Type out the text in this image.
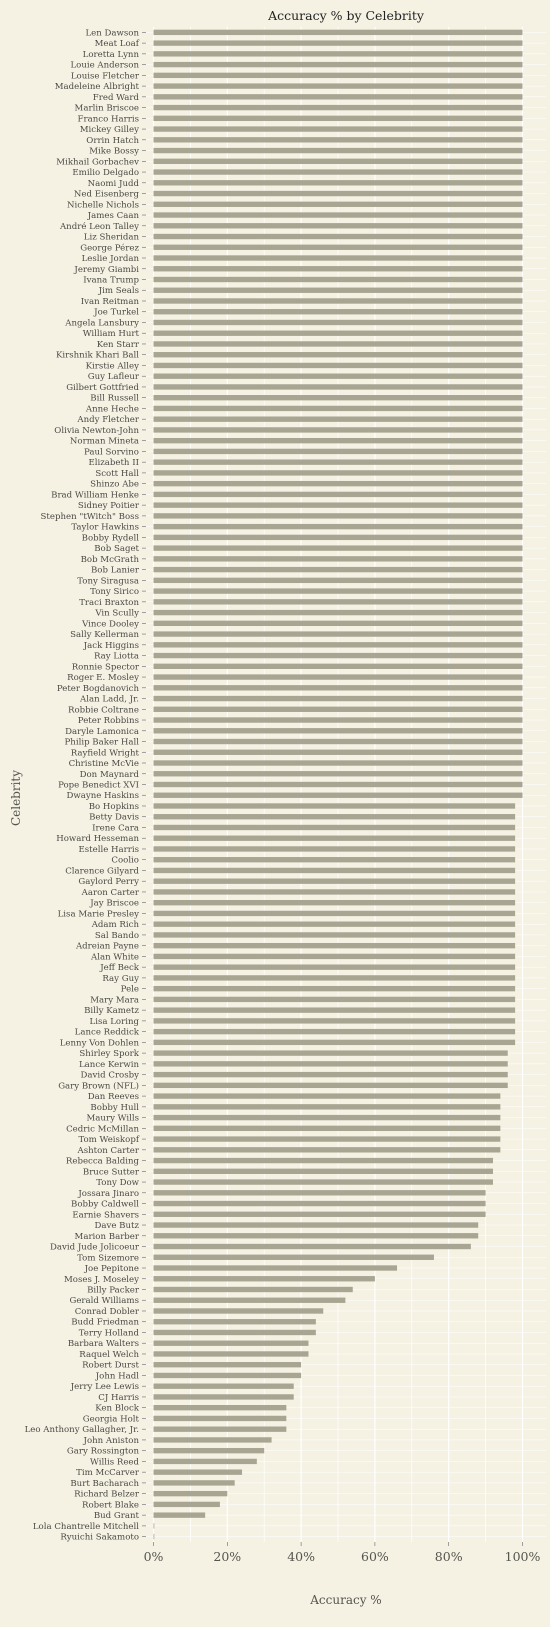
Accuracy % by Celebrity
Len Dawson
Meat Loaf
Loretta Lynn
Louie Anderson
Louise Fletcher
Madeleine Albright
Fred Ward
Marlin Briscoe
Franco Harris
Mickey Gilley
Orrin Hatch
Mike Bossy
Mikhail Gorbachev
Emilio Delgado
Naomi Judd
Ned Eisenberg
Nichelle Nichols
James Caan
André Leon Talley
Liz Sheridan
George Pérez
Leslie Jordan
Jeremy Giambi
Ivana Trump
Jim Seals
Ivan Reitman
Joe Turkel
Angela Lansbury
William Hurt
Ken Starr
Kirshnik Khari Ball
Kirstie Alley
Guy Lafleur
Gilbert Gottfried
Bill Russell
Anne Heche
Andy Fletcher
Olivia Newton-John
Norman Mineta
Paul Sorvino
Elizabeth II
Scott Hall
Shinzo Abe
Brad William Henke
Sidney Poitier
Stephen "tWitch" Boss
Taylor Hawkins
Bobby Rydell
Bob Saget
Bob McGrath
Bob Lanier
Tony Siragusa
Tony Sirico
Traci Braxton
Vin Scully
Vince Dooley
Sally Kellerman
Jack Higgins
Ray Liotta
Ronnie Spector
Roger E. Mosley
Peter Bogdanovich
Alan Ladd, Jr.
Robbie Coltrane
Peter Robbins
Daryle Lamonica
Philip Baker Hall
Rayfield Wright
Christine McVie
Don Maynard
Pope Benedict XVI
Dwayne Haskins
Bo Hopkins
Betty Davis
Irene Cara
Howard Hesseman
Estelle Harris
Coolio
Clarence Gilyard
Gaylord Perry
Aaron Carter
Jay Briscoe
Lisa Marie Presley
Adam Rich
Sal Bando
Adreian Payne
Alan White
Jeff Beck
Ray Guy
Pele
Mary Mara
Billy Kametz
Lisa Loring
Lance Reddick
Lenny Von Dohlen
Shirley Spork
Lance Kerwin
David Crosby
Gary Brown (NFL)
Dan Reeves
Bobby Hull
Maury Wills
Cedric McMillan
Tom Weiskopf
Ashton Carter
Rebecca Balding
Bruce Sutter
Tony Dow
Jossara Jinaro
Bobby Caldwell
Earnie Shavers
Dave Butz
Marion Barber
David Jude Jolicoeur
Tom Sizemore
Joe Pepitone
Moses J. Moseley
Billy Packer
Gerald Williams
Conrad Dobler
Budd Friedman
Terry Holland
Barbara Walters
Raquel Welch
Robert Durst
John Hadl
Jerry Lee Lewis
CJ Harris
Ken Block
Georgia Holt
Leo Anthony Gallagher, Jr.
John Aniston
Gary Rossington
Willis Reed
Tim McCarver
Burt Bacharach
Richard Belzer
Robert Blake
Bud Grant
Lola Chantrelle Mitchell
Ryuichi Sakamoto
0%	20%	40%	60%	80%	100%
Accuracy %
Celebrity
